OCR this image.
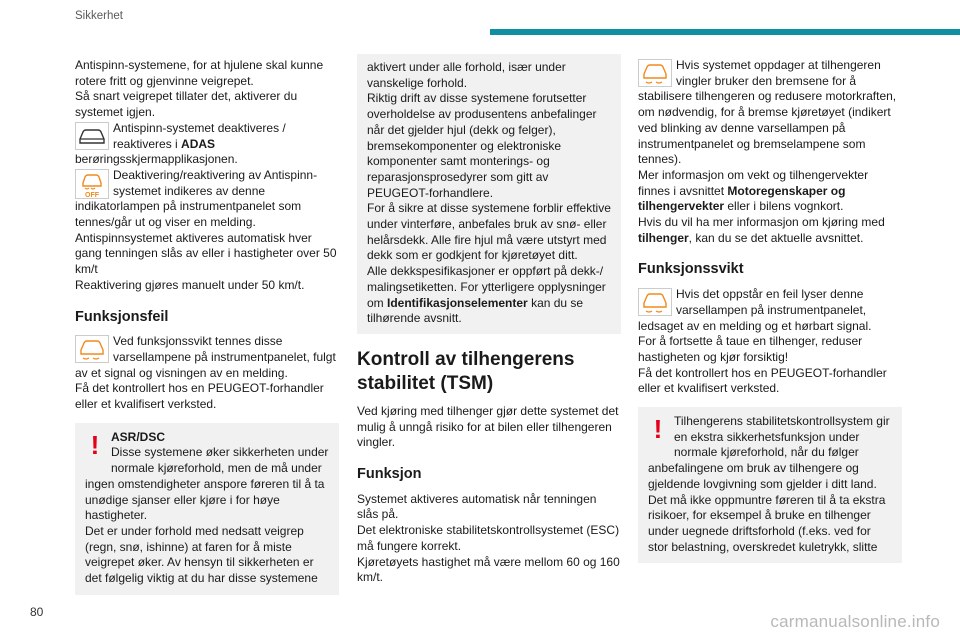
Sikkerhet

Antispinn-systemene, for at hjulene skal kunne rotere fritt og gjenvinne veigrepet.

Så snart veigrepet tillater det, aktiverer du systemet igjen.

Antispinn-systemet deaktiveres / reaktiveres i ADAS berøringsskjermapplikasjonen.
OFF
Deaktivering/reaktivering av Antispinn-systemet indikeres av denne indikatorlampen på instrumentpanelet som tennes/går ut og viser en melding.

Antispinnsystemet aktiveres automatisk hver gang tenningen slås av eller i hastigheter over 50 km/t

Reaktivering gjøres manuelt under 50 km/t.

Funksjonsfeil
Ved funksjonssvikt tennes disse varsellampene på instrumentpanelet, fulgt av et signal og visningen av en melding.

Få det kontrollert hos en PEUGEOT-forhandler eller et kvalifisert verksted.

! ASR/DSC
Disse systemene øker sikkerheten under normale kjøreforhold, men de må under ingen omstendigheter anspore føreren til å ta unødige sjanser eller kjøre i for høye hastigheter.

Det er under forhold med nedsatt veigrep (regn, snø, ishinne) at faren for å miste veigrepet øker. Av hensyn til sikkerheten er det følgelig viktig at du har disse systemene

aktivert under alle forhold, især under vanskelige forhold.

Riktig drift av disse systemene forutsetter overholdelse av produsentens anbefalinger når det gjelder hjul (dekk og felger), bremsekomponenter og elektroniske komponenter samt monterings- og reparasjonsprosedyrer som gitt av PEUGEOT-forhandlere.

For å sikre at disse systemene forblir effektive under vinterføre, anbefales bruk av snø- eller helårsdekk. Alle fire hjul må være utstyrt med dekk som er godkjent for kjøretøyet ditt.

Alle dekkspesifikasjoner er oppført på dekk-/ malingsetiketten. For ytterligere opplysninger om Identifikasjonselementer kan du se tilhørende avsnitt.

Kontroll av tilhengerens stabilitet (TSM)

Ved kjøring med tilhenger gjør dette systemet det mulig å unngå risiko for at bilen eller tilhengeren vingler.

Funksjon

Systemet aktiveres automatisk når tenningen slås på.

Det elektroniske stabilitetskontrollsystemet (ESC) må fungere korrekt.

Kjøretøyets hastighet må være mellom 60 og 160 km/t.

Hvis systemet oppdager at tilhengeren vingler bruker den bremsene for å stabilisere tilhengeren og redusere motorkraften, om nødvendig, for å bremse kjøretøyet (indikert ved blinking av denne varsellampen på instrumentpanelet og bremselampene som tennes).

Mer informasjon om vekt og tilhengervekter finnes i avsnittet Motoregenskaper og tilhengervekter eller i bilens vognkort.

Hvis du vil ha mer informasjon om kjøring med tilhenger, kan du se det aktuelle avsnittet.

Funksjonssvikt
Hvis det oppstår en feil lyser denne varsellampen på instrumentpanelet, ledsaget av en melding og et hørbart signal.

For å fortsette å taue en tilhenger, reduser hastigheten og kjør forsiktig!

Få det kontrollert hos en PEUGEOT-forhandler eller et kvalifisert verksted.

! Tilhengerens stabilitetskontrollsystem gir en ekstra sikkerhetsfunksjon under normale kjøreforhold, når du følger anbefalingene om bruk av tilhengere og gjeldende lovgivning som gjelder i ditt land. Det må ikke oppmuntre føreren til å ta ekstra risikoer, for eksempel å bruke en tilhenger under uegnede driftsforhold (f.eks. ved for stor belastning, overskredet kuletrykk, slitte
80	carmanualsonline.info
